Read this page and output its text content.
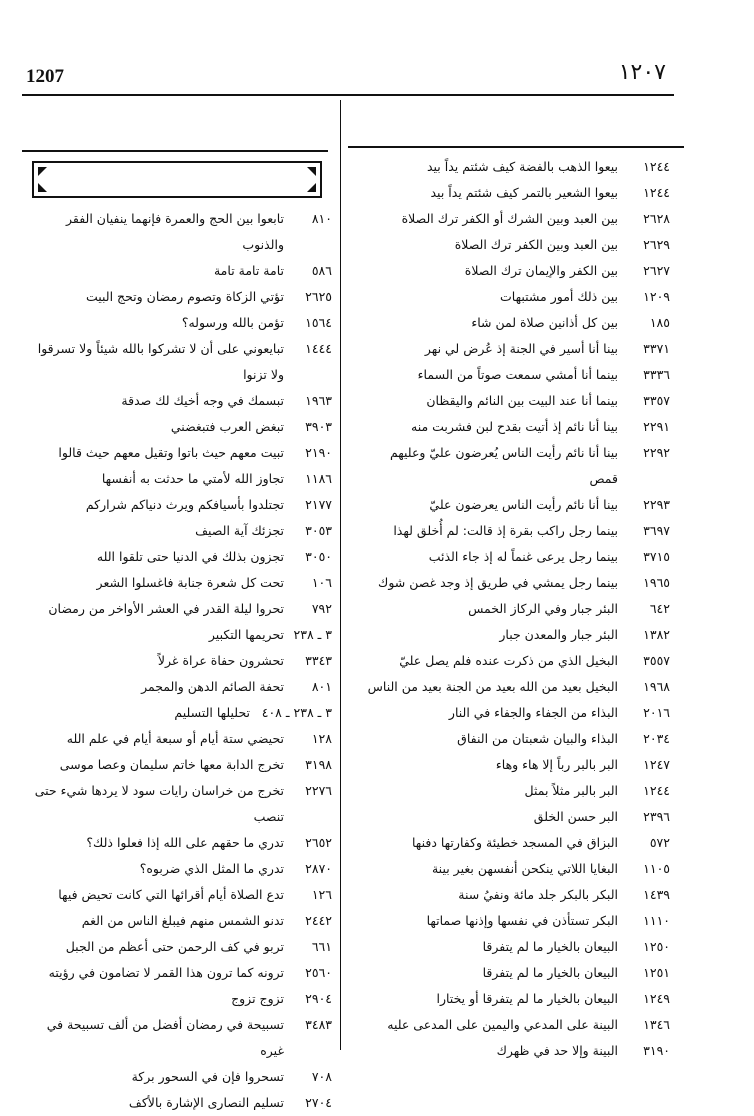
1207	١٢٠٧
١٢٤٤
بيعوا الذهب بالفضة كيف شئتم يداً بيد
١٢٤٤
بيعوا الشعير بالتمر كيف شئتم يداً بيد
٢٦٢٨
بين العبد وبين الشرك أو الكفر ترك الصلاة
٢٦٢٩
بين العبد وبين الكفر ترك الصلاة
٢٦٢٧
بين الكفر والإيمان ترك الصلاة
١٢٠٩
بين ذلك أمور مشتبهات
١٨٥
بين كل أذانين صلاة لمن شاء
٣٣٧١
بينا أنا أسير في الجنة إذ عُرض لي نهر
٣٣٣٦
بينما أنا أمشي سمعت صوتاً من السماء
٣٣٥٧
بينما أنا عند البيت بين النائم واليقظان
٢٢٩١
بينا أنا نائم إذ أتيت بقدح لبن فشربت منه
٢٢٩٢
بينا أنا نائم رأيت الناس يُعرضون عليّ وعليهم قمص
٢٢٩٣
بينا أنا نائم رأيت الناس يعرضون عليّ
٣٦٩٧
بينما رجل راكب بقرة إذ قالت: لم أُخلق لهذا
٣٧١٥
بينما رجل يرعى غنماً له إذ جاء الذئب
١٩٦٥
بينما رجل يمشي في طريق إذ وجد غصن شوك
٦٤٢
البئر جبار وفي الركاز الخمس
١٣٨٢
البئر جبار والمعدن جبار
٣٥٥٧
البخيل الذي من ذكرت عنده فلم يصل عليّ
١٩٦٨
البخيل بعيد من الله بعيد من الجنة بعيد من الناس
٢٠١٦
البذاء من الجفاء والجفاء في النار
٢٠٣٤
البذاء والبيان شعبتان من النفاق
١٢٤٧
البر بالبر رباً إلا هاء وهاء
١٢٤٤
البر بالبر مثلاً بمثل
٢٣٩٦
البر حسن الخلق
٥٧٢
البزاق في المسجد خطيئة وكفارتها دفنها
١١٠٥
البغايا اللاتي ينكحن أنفسهن بغير بينة
١٤٣٩
البكر بالبكر جلد مائة ونفيُ سنة
١١١٠
البكر تستأذن في نفسها وإذنها صماتها
١٢٥٠
البيعان بالخيار ما لم يتفرقا
١٢٥١
البيعان بالخيار ما لم يتفرقا
١٢٤٩
البيعان بالخيار ما لم يتفرقا أو يختارا
١٣٤٦
البينة على المدعي واليمين على المدعى عليه
٣١٩٠
البينة وإلا حد في ظهرك
٨١٠
تابعوا بين الحج والعمرة فإنهما ينفيان الفقر والذنوب
٥٨٦
تامة تامة تامة
٢٦٢٥
تؤتي الزكاة وتصوم رمضان وتحج البيت
١٥٦٤
تؤمن بالله ورسوله؟
١٤٤٤
تبايعوني على أن لا تشركوا بالله شيئاً ولا تسرقوا ولا تزنوا
١٩٦٣
تبسمك في وجه أخيك لك صدقة
٣٩٠٣
تبغض العرب فتبغضني
٢١٩٠
تبيت معهم حيث باتوا وتقيل معهم حيث قالوا
١١٨٦
تجاوز الله لأمتي ما حدثت به أنفسها
٢١٧٧
تجتلدوا بأسيافكم ويرث دنياكم شراركم
٣٠٥٣
تجزئك آية الصيف
٣٠٥٠
تجزون بذلك في الدنيا حتى تلقوا الله
١٠٦
تحت كل شعرة جنابة فاغسلوا الشعر
٧٩٢
تحروا ليلة القدر في العشر الأواخر من رمضان
٣ ـ ٢٣٨
تحريمها التكبير
٣٣٤٣
تحشرون حفاة عراة غرلاً
٨٠١
تحفة الصائم الدهن والمجمر
٣ ـ ٢٣٨ ـ ٤٠٨
تحليلها التسليم
١٢٨
تحيضي ستة أيام أو سبعة أيام في علم الله
٣١٩٨
تخرج الدابة معها خاتم سليمان وعصا موسى
٢٢٧٦
تخرج من خراسان رايات سود لا يردها شيء حتى تنصب
٢٦٥٢
تدري ما حقهم على الله إذا فعلوا ذلك؟
٢٨٧٠
تدري ما المثل الذي ضربوه؟
١٢٦
تدع الصلاة أيام أقرائها التي كانت تحيض فيها
٢٤٤٢
تدنو الشمس منهم فيبلغ الناس من الغم
٦٦١
تربو في كف الرحمن حتى أعظم من الجبل
٢٥٦٠
ترونه كما ترون هذا القمر لا تضامون في رؤيته
٢٩٠٤
تزوج تزوج
٣٤٨٣
تسبيحة في رمضان أفضل من ألف تسبيحة في غيره
٧٠٨
تسحروا فإن في السحور بركة
٢٧٠٤
تسليم النصارى الإشارة بالأكف
